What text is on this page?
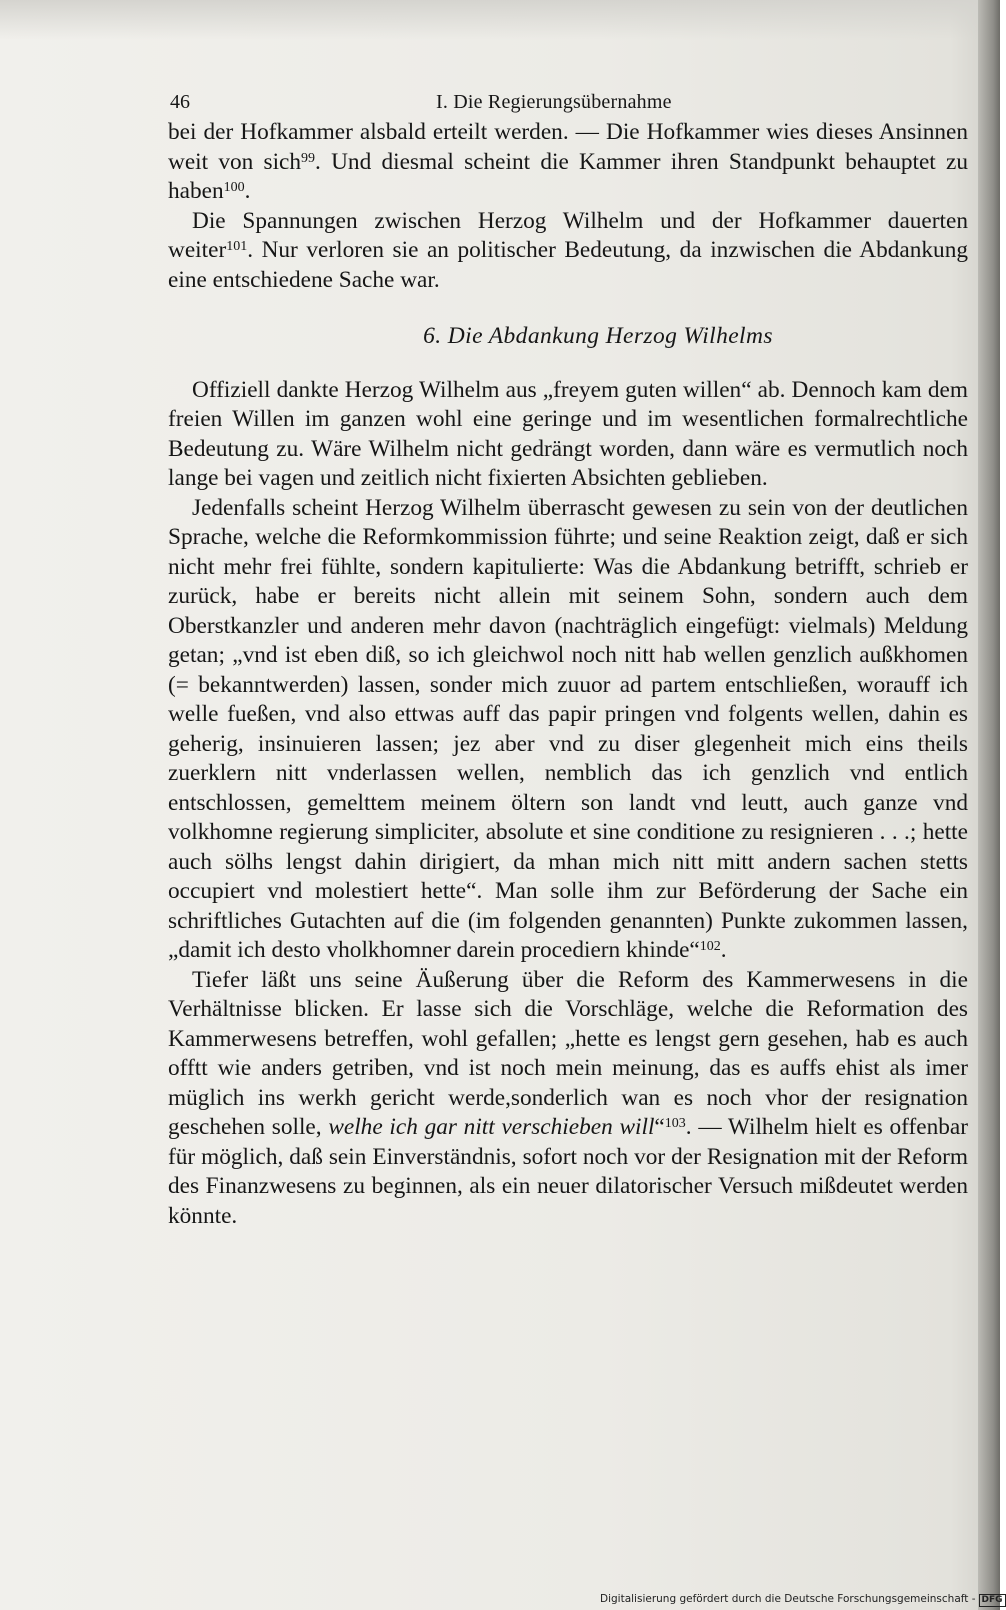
46	I. Die Regierungsübernahme

bei der Hofkammer alsbald erteilt werden. — Die Hofkammer wies dieses Ansinnen weit von sich$^{99}$. Und diesmal scheint die Kammer ihren Standpunkt behauptet zu haben$^{100}$.

Die Spannungen zwischen Herzog Wilhelm und der Hofkammer dauerten weiter$^{101}$. Nur verloren sie an politischer Bedeutung, da inzwischen die Abdankung eine entschiedene Sache war.

6. Die Abdankung Herzog Wilhelms

Offiziell dankte Herzog Wilhelm aus „freyem guten willen“ ab. Dennoch kam dem freien Willen im ganzen wohl eine geringe und im wesentlichen formalrechtliche Bedeutung zu. Wäre Wilhelm nicht gedrängt worden, dann wäre es vermutlich noch lange bei vagen und zeitlich nicht fixierten Absichten geblieben.

Jedenfalls scheint Herzog Wilhelm überrascht gewesen zu sein von der deutlichen Sprache, welche die Reformkommission führte; und seine Reaktion zeigt, daß er sich nicht mehr frei fühlte, sondern kapitulierte: Was die Abdankung betrifft, schrieb er zurück, habe er bereits nicht allein mit seinem Sohn, sondern auch dem Oberstkanzler und anderen mehr davon (nachträglich eingefügt: vielmals) Meldung getan; „vnd ist eben diß, so ich gleichwol noch nitt hab wellen genzlich außkhomen (= bekanntwerden) lassen, sonder mich zuuor ad partem entschließen, worauff ich welle fueßen, vnd also ettwas auff das papir pringen vnd folgents wellen, dahin es geherig, insinuieren lassen; jez aber vnd zu diser glegenheit mich eins theils zuerklern nitt vnderlassen wellen, nemblich das ich genzlich vnd entlich entschlossen, gemelttem meinem öltern son landt vnd leutt, auch ganze vnd volkhomne regierung simpliciter, absolute et sine conditione zu resignieren . . .; hette auch sölhs lengst dahin dirigiert, da mhan mich nitt mitt andern sachen stetts occupiert vnd molestiert hette“. Man solle ihm zur Beförderung der Sache ein schriftliches Gutachten auf die (im folgenden genannten) Punkte zukommen lassen, „damit ich desto vholkhomner darein procediern khinde“$^{102}$.

Tiefer läßt uns seine Äußerung über die Reform des Kammerwesens in die Verhältnisse blicken. Er lasse sich die Vorschläge, welche die Reformation des Kammerwesens betreffen, wohl gefallen; „hette es lengst gern gesehen, hab es auch offtt wie anders getriben, vnd ist noch mein meinung, das es auffs ehist als imer müglich ins werkh gericht werde,sonderlich wan es noch vhor der resignation geschehen solle, welhe ich gar nitt verschieben will“$^{103}$. — Wilhelm hielt es offenbar für möglich, daß sein Einverständnis, sofort noch vor der Resignation mit der Reform des Finanzwesens zu beginnen, als ein neuer dilatorischer Versuch mißdeutet werden könnte.

Digitalisierung gefördert durch die Deutsche Forschungsgemeinschaft - DFG
